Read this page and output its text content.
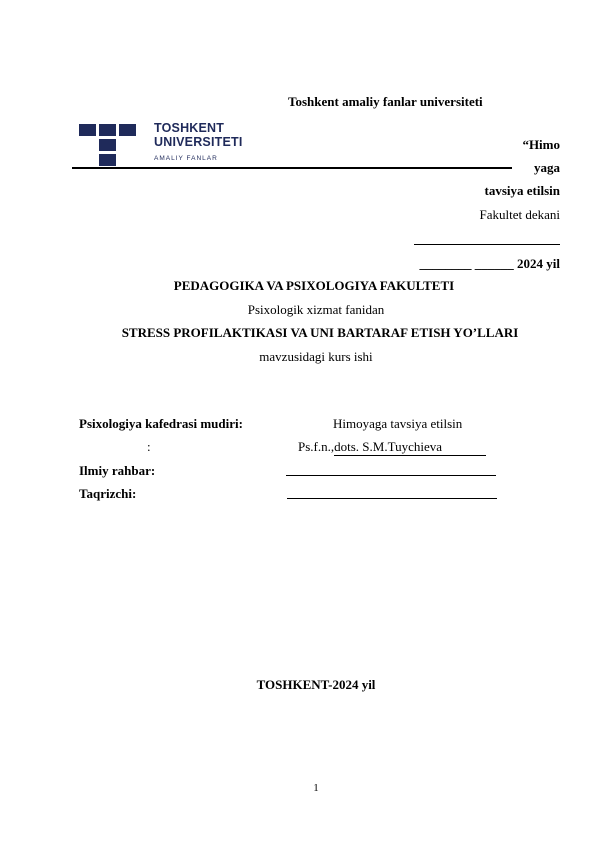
Toshkent amaliy fanlar universiteti
TOSHKENT
UNIVERSITETI
AMALIY FANLAR
“Himo
yaga
tavsiya etilsin
Fakultet dekani
________ ______ 2024 yil
PEDAGOGIKA VA PSIXOLOGIYA FAKULTETI
Psixologik xizmat fanidan
STRESS PROFILAKTIKASI VA UNI BARTARAF ETISH YO’LLARI
mavzusidagi kurs ishi
Psixologiya kafedrasi mudiri:	Himoyaga tavsiya etilsin
:	Ps.f.n.,dots. S.M.Tuychieva
Ilmiy rahbar:
Taqrizchi:
TOSHKENT-2024 yil
1
